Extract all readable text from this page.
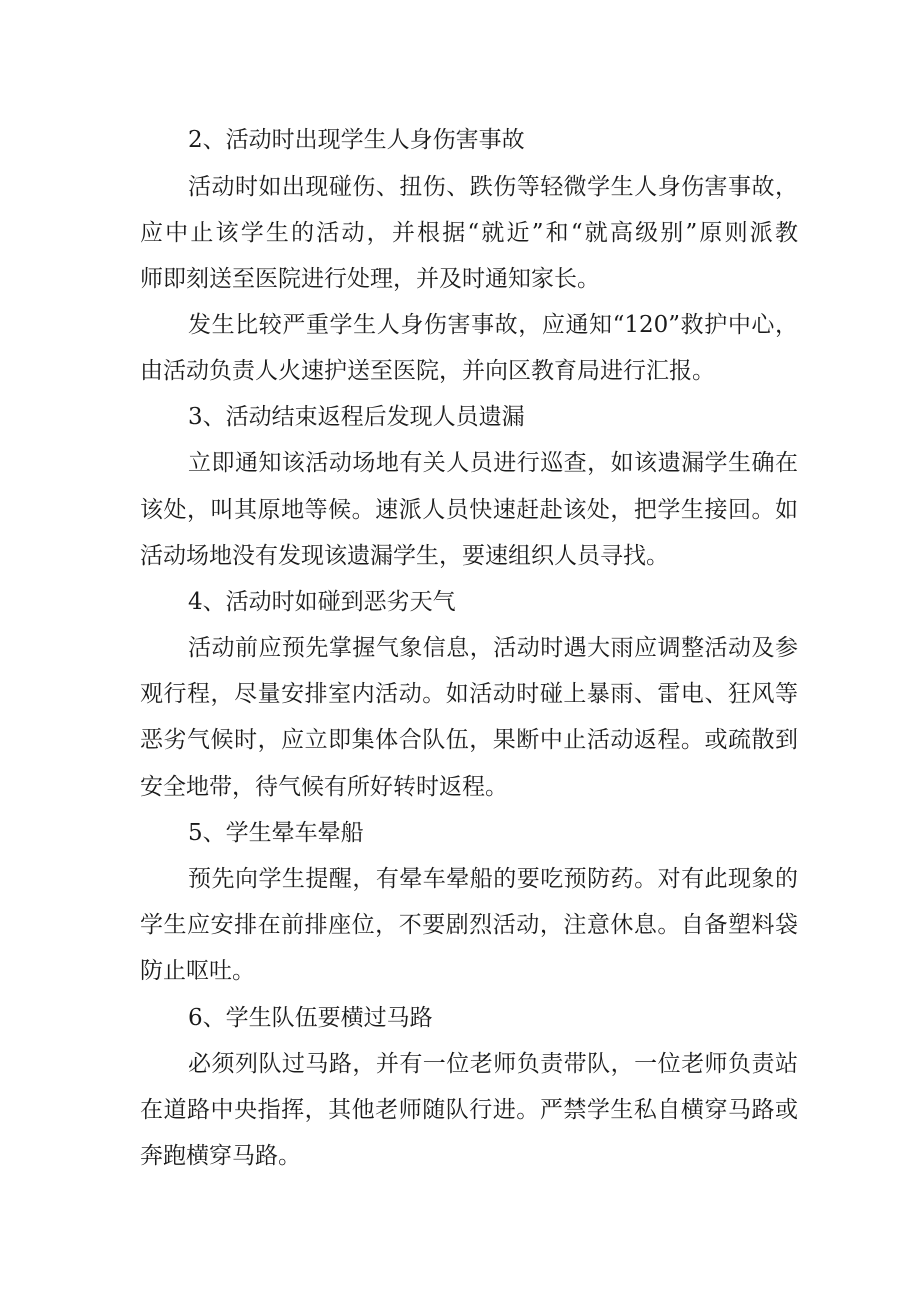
2、活动时出现学生人身伤害事故

活动时如出现碰伤、扭伤、跌伤等轻微学生人身伤害事故，

应中止该学生的活动，并根据“就近”和“就高级别”原则派教

师即刻送至医院进行处理，并及时通知家长。

发生比较严重学生人身伤害事故，应通知“120”救护中心，

由活动负责人火速护送至医院，并向区教育局进行汇报。

3、活动结束返程后发现人员遗漏

立即通知该活动场地有关人员进行巡查，如该遗漏学生确在

该处，叫其原地等候。速派人员快速赶赴该处，把学生接回。如

活动场地没有发现该遗漏学生，要速组织人员寻找。

4、活动时如碰到恶劣天气

活动前应预先掌握气象信息，活动时遇大雨应调整活动及参

观行程，尽量安排室内活动。如活动时碰上暴雨、雷电、狂风等

恶劣气候时，应立即集体合队伍，果断中止活动返程。或疏散到

安全地带，待气候有所好转时返程。

5、学生晕车晕船

预先向学生提醒，有晕车晕船的要吃预防药。对有此现象的

学生应安排在前排座位，不要剧烈活动，注意休息。自备塑料袋

防止呕吐。

6、学生队伍要横过马路

必须列队过马路，并有一位老师负责带队，一位老师负责站

在道路中央指挥，其他老师随队行进。严禁学生私自横穿马路或

奔跑横穿马路。
